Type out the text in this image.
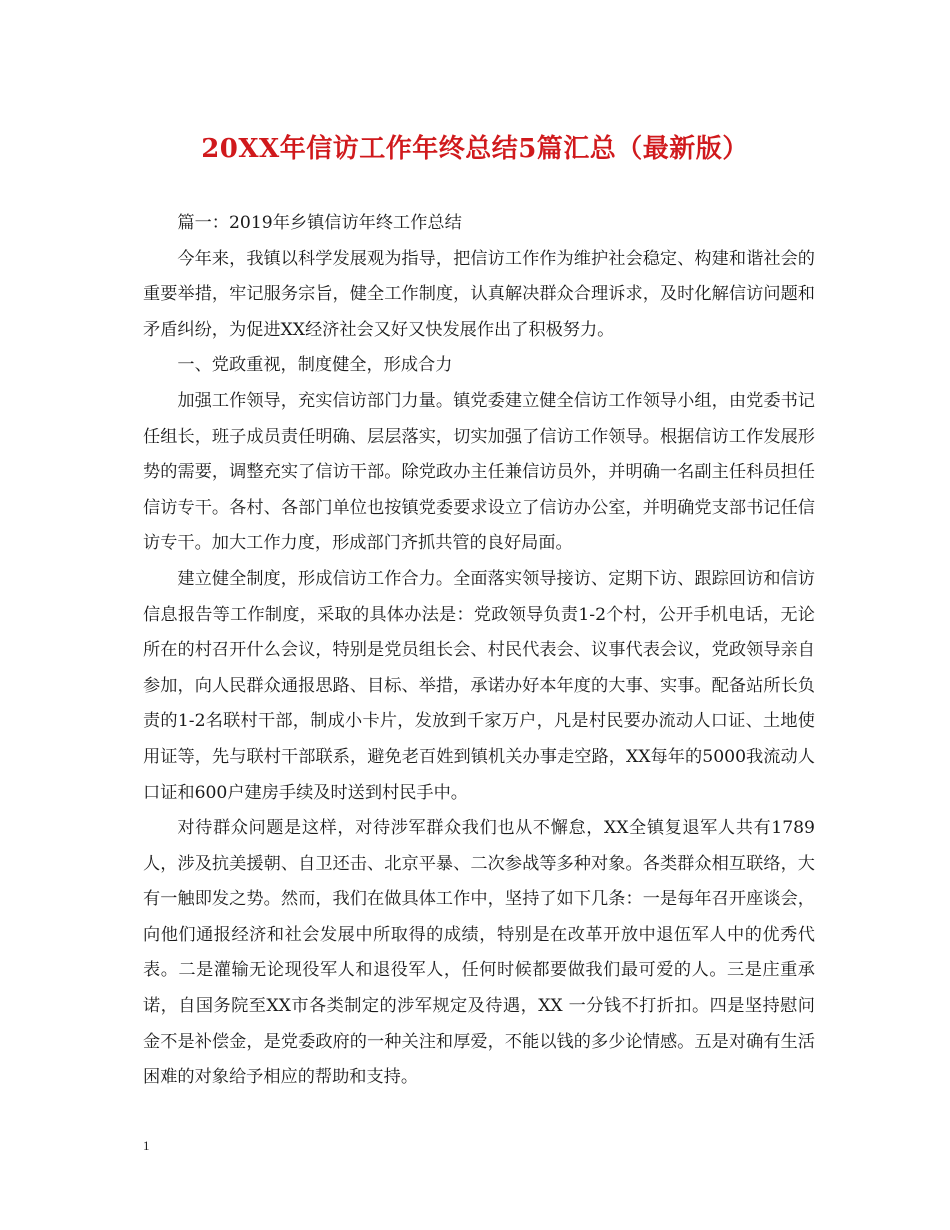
20XX年信访工作年终总结5篇汇总（最新版）

篇一：2019年乡镇信访年终工作总结

今年来，我镇以科学发展观为指导，把信访工作作为维护社会稳定、构建和谐社会的重要举措，牢记服务宗旨，健全工作制度，认真解决群众合理诉求，及时化解信访问题和矛盾纠纷，为促进XX经济社会又好又快发展作出了积极努力。

一、党政重视，制度健全，形成合力

加强工作领导，充实信访部门力量。镇党委建立健全信访工作领导小组，由党委书记任组长，班子成员责任明确、层层落实，切实加强了信访工作领导。根据信访工作发展形势的需要，调整充实了信访干部。除党政办主任兼信访员外，并明确一名副主任科员担任信访专干。各村、各部门单位也按镇党委要求设立了信访办公室，并明确党支部书记任信访专干。加大工作力度，形成部门齐抓共管的良好局面。

建立健全制度，形成信访工作合力。全面落实领导接访、定期下访、跟踪回访和信访信息报告等工作制度，采取的具体办法是：党政领导负责1-2个村，公开手机电话，无论所在的村召开什么会议，特别是党员组长会、村民代表会、议事代表会议，党政领导亲自参加，向人民群众通报思路、目标、举措，承诺办好本年度的大事、实事。配备站所长负责的1-2名联村干部，制成小卡片，发放到千家万户，凡是村民要办流动人口证、土地使用证等，先与联村干部联系，避免老百姓到镇机关办事走空路，XX每年的5000我流动人口证和600户建房手续及时送到村民手中。

对待群众问题是这样，对待涉军群众我们也从不懈怠，XX全镇复退军人共有1789人，涉及抗美援朝、自卫还击、北京平暴、二次参战等多种对象。各类群众相互联络，大有一触即发之势。然而，我们在做具体工作中，坚持了如下几条：一是每年召开座谈会，向他们通报经济和社会发展中所取得的成绩，特别是在改革开放中退伍军人中的优秀代表。二是灌输无论现役军人和退役军人，任何时候都要做我们最可爱的人。三是庄重承诺，自国务院至XX市各类制定的涉军规定及待遇，XX 一分钱不打折扣。四是坚持慰问金不是补偿金，是党委政府的一种关注和厚爱，不能以钱的多少论情感。五是对确有生活困难的对象给予相应的帮助和支持。

1
